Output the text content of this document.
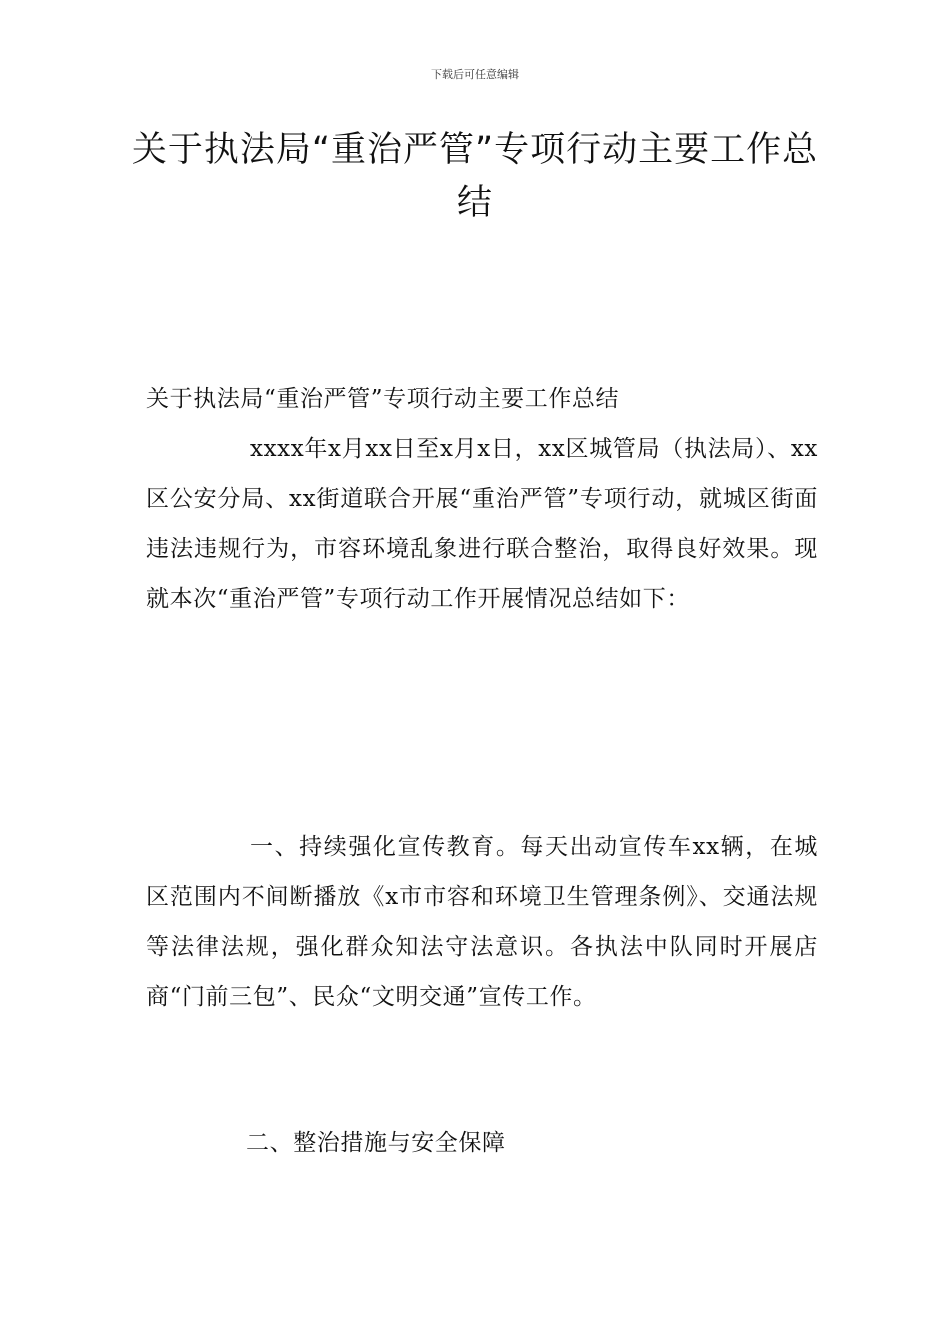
下载后可任意编辑
关于执法局“重治严管”专项行动主要工作总结
关于执法局“重治严管”专项行动主要工作总结
xxxx年x月xx日至x月x日，xx区城管局（执法局）、xx区公安分局、xx街道联合开展“重治严管”专项行动，就城区街面违法违规行为，市容环境乱象进行联合整治，取得良好效果。现就本次“重治严管”专项行动工作开展情况总结如下：
一、持续强化宣传教育。每天出动宣传车xx辆，在城区范围内不间断播放《x市市容和环境卫生管理条例》、交通法规等法律法规，强化群众知法守法意识。各执法中队同时开展店商“门前三包”、民众“文明交通”宣传工作。
二、整治措施与安全保障
